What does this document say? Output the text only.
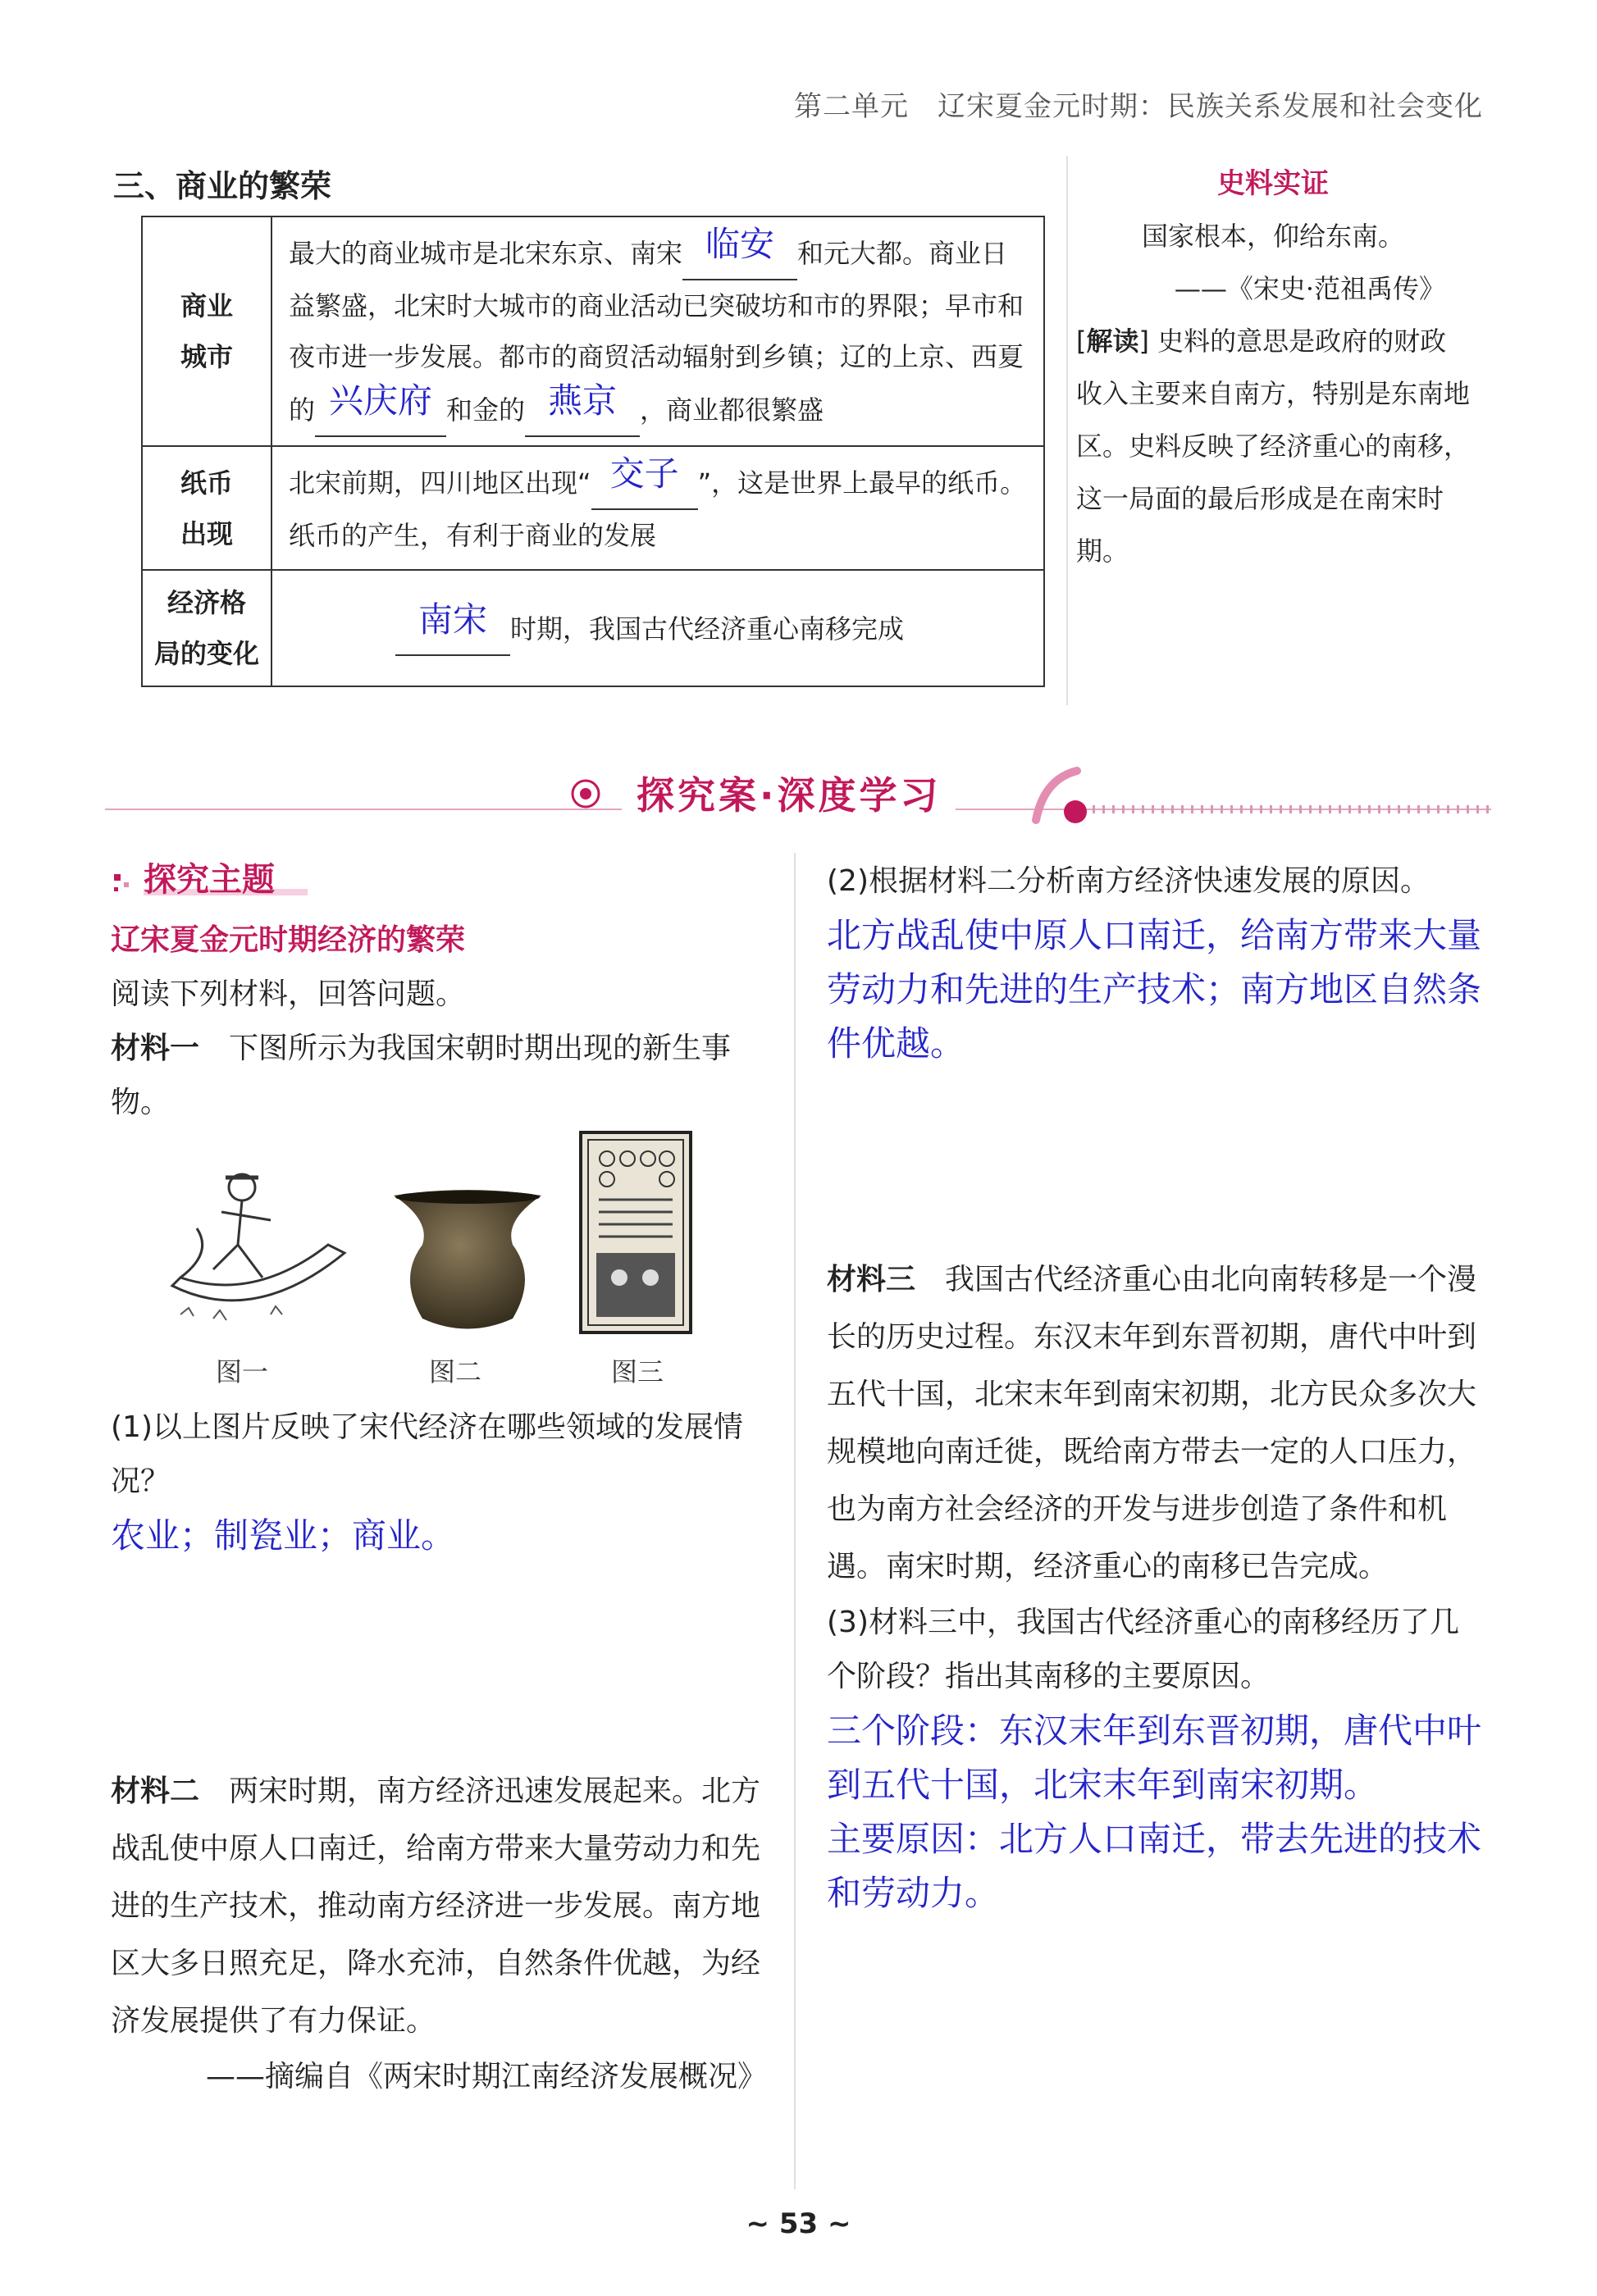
第二单元　辽宋夏金元时期：民族关系发展和社会变化
三、商业的繁荣
商业
城市	最大的商业城市是北宋东京、南宋 临安 和元大都。商业日益繁盛，北宋时大城市的商业活动已突破坊和市的界限；早市和夜市进一步发展。都市的商贸活动辐射到乡镇；辽的上京、西夏的 兴庆府 和金的 燕京 ，商业都很繁盛
纸币
出现	北宋前期，四川地区出现“ 交子 ”，这是世界上最早的纸币。纸币的产生，有利于商业的发展
经济格
局的变化	南宋 时期，我国古代经济重心南移完成
史料实证
国家根本，仰给东南。
——《宋史·范祖禹传》
[解读] 史料的意思是政府的财政收入主要来自南方，特别是东南地区。史料反映了经济重心的南移，这一局面的最后形成是在南宋时期。
探究案·深度学习
探究主题
辽宋夏金元时期经济的繁荣
阅读下列材料，回答问题。
材料一　下图所示为我国宋朝时期出现的新生事物。
图一	图二	图三
(1)以上图片反映了宋代经济在哪些领域的发展情况？
农业；制瓷业；商业。
材料二　两宋时期，南方经济迅速发展起来。北方战乱使中原人口南迁，给南方带来大量劳动力和先进的生产技术，推动南方经济进一步发展。南方地区大多日照充足，降水充沛，自然条件优越，为经济发展提供了有力保证。
——摘编自《两宋时期江南经济发展概况》
(2)根据材料二分析南方经济快速发展的原因。
北方战乱使中原人口南迁，给南方带来大量劳动力和先进的生产技术；南方地区自然条件优越。
材料三　我国古代经济重心由北向南转移是一个漫长的历史过程。东汉末年到东晋初期，唐代中叶到五代十国，北宋末年到南宋初期，北方民众多次大规模地向南迁徙，既给南方带去一定的人口压力，也为南方社会经济的开发与进步创造了条件和机遇。南宋时期，经济重心的南移已告完成。
(3)材料三中，我国古代经济重心的南移经历了几个阶段？指出其南移的主要原因。
三个阶段：东汉末年到东晋初期，唐代中叶到五代十国，北宋末年到南宋初期。
主要原因：北方人口南迁，带去先进的技术和劳动力。
~ 53 ~
